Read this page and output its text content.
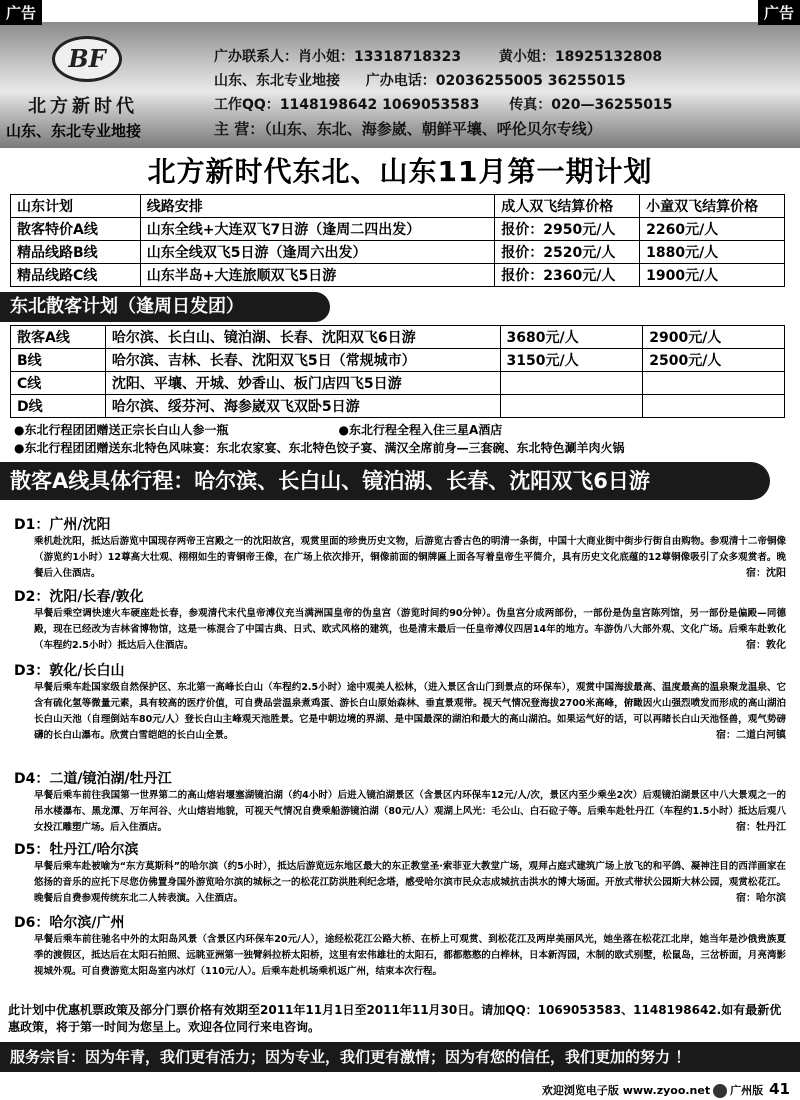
广告	广告
BF
北方新时代
山东、东北专业地接
广办联系人：肖小姐：13318718323	黄小姐：18925132808
山东、东北专业地接 广办电话：02036255005 36255015
工作QQ：1148198642 1069053583 传真：020—36255015
主 营：（山东、东北、海参崴、朝鲜平壤、呼伦贝尔专线）
北方新时代东北、山东11月第一期计划
山东计划	线路安排	成人双飞结算价格	小童双飞结算价格
散客特价A线	山东全线+大连双飞7日游（逢周二四出发）	报价：2950元/人	2260元/人
精品线路B线	山东全线双飞5日游（逢周六出发）	报价：2520元/人	1880元/人
精品线路C线	山东半岛+大连旅顺双飞5日游	报价：2360元/人	1900元/人
东北散客计划（逢周日发团）
散客A线	哈尔滨、长白山、镜泊湖、长春、沈阳双飞6日游	3680元/人	2900元/人
B线	哈尔滨、吉林、长春、沈阳双飞5日（常规城市）	3150元/人	2500元/人
C线	沈阳、平壤、开城、妙香山、板门店四飞5日游		
D线	哈尔滨、绥芬河、海参崴双飞双卧5日游		
●东北行程团团赠送正宗长白山人参一瓶	●东北行程全程入住三星A酒店
●东北行程团团赠送东北特色风味宴：东北农家宴、东北特色饺子宴、满汉全席前身—三套碗、东北特色涮羊肉火锅
散客A线具体行程：哈尔滨、长白山、镜泊湖、长春、沈阳双飞6日游
D1：广州/沈阳
乘机赴沈阳，抵达后游览中国现存两帝王宫殿之一的沈阳故宫，观赏里面的珍贵历史文物，后游览古香古色的明清一条街，中国十大商业街中街步行街自由购物。参观清十二帝铜像（游览约1小时）12尊高大壮观、栩栩如生的青铜帝王像，在广场上依次排开，铜像前面的铜牌匾上面各写着皇帝生平简介，具有历史文化底蕴的12尊铜像吸引了众多观赏者。晚餐后入住酒店。	宿：沈阳
D2：沈阳/长春/敦化
早餐后乘空调快速火车硬座赴长春，参观清代末代皇帝溥仪充当满洲国皇帝的伪皇宫（游览时间约90分钟）。伪皇宫分成两部份，一部份是伪皇宫陈列馆，另一部份是偏殿—同德殿，现在已经改为吉林省博物馆，这是一栋混合了中国古典、日式、欧式风格的建筑，也是清末最后一任皇帝溥仪四居14年的地方。车游伪八大部外观、文化广场。后乘车赴敦化（车程约2.5小时）抵达后入住酒店。	宿：敦化
D3：敦化/长白山
早餐后乘车赴国家级自然保护区、东北第一高峰长白山（车程约2.5小时）途中观美人松林，（进入景区含山门到景点的环保车），观赏中国海拔最高、温度最高的温泉聚龙温泉、它含有硫化氢等微量元素，具有较高的医疗价值，可自费品尝温泉煮鸡蛋、游长白山原始森林、垂直景观带。视天气情况登海拔2700米高峰，俯瞰因火山强烈喷发而形成的高山湖泊长白山天池（自理倒站车80元/人）登长白山主峰观天池胜景。它是中朝边境的界湖、是中国最深的湖泊和最大的高山湖泊。如果运气好的话，可以再睹长白山天池怪兽，观气势磅礴的长白山瀑布。欣赏白雪皑皑的长白山全景。	宿：二道白河镇
D4：二道/镜泊湖/牡丹江
早餐后乘车前往我国第一世界第二的高山熔岩堰塞湖镜泊湖（约4小时）后进入镜泊湖景区（含景区内环保车12元/人/次，景区内至少乘坐2次）后观镜泊湖景区中八大景观之一的吊水楼瀑布、黑龙潭、万年河谷、火山熔岩地貌，可视天气情况自费乘船游镜泊湖（80元/人）观湖上风光：毛公山、白石砬子等。后乘车赴牡丹江（车程约1.5小时）抵达后观八女投江雕塑广场。后入住酒店。	宿：牡丹江
D5：牡丹江/哈尔滨
早餐后乘车赴被喻为“东方莫斯科”的哈尔滨（约5小时），抵达后游览远东地区最大的东正教堂圣·索菲亚大教堂广场，观拜占庭式建筑广场上放飞的和平鸽、凝神注目的西洋画家在悠扬的音乐的应托下尽您仿佛置身国外游览哈尔滨的城标之一的松花江防洪胜利纪念塔，感受哈尔滨市民众志成城抗击洪水的博大场面。开放式带状公园斯大林公园，观赏松花江。晚餐后自费参观传统东北二人转表演。入住酒店。	宿：哈尔滨
D6：哈尔滨/广州
早餐后乘车前往驰名中外的太阳岛风景（含景区内环保车20元/人），途经松花江公路大桥、在桥上可观赏、到松花江及两岸美丽风光，她坐落在松花江北岸，她当年是沙俄贵族夏季的渡假区，抵达后在太阳石拍照、远眺亚洲第一独臂斜拉桥太阳桥，这里有宏伟雄壮的太阳石，都都憨憨的白桦林，日本新泻园，木制的欧式别墅，松鼠岛，三岔桥面，月亮湾影视城外观。可自费游览太阳岛室内冰灯（110元/人）。后乘车赴机场乘机返广州，结束本次行程。
此计划中优惠机票政策及部分门票价格有效期至2011年11月1日至2011年11月30日。请加QQ：1069053583、1148198642.如有最新优惠政策，将于第一时间为您呈上。欢迎各位同行来电咨询。
服务宗旨：因为年青，我们更有活力；因为专业，我们更有激情；因为有您的信任，我们更加的努力 ！
欢迎浏览电子版 www.zyoo.net 广州版 41
